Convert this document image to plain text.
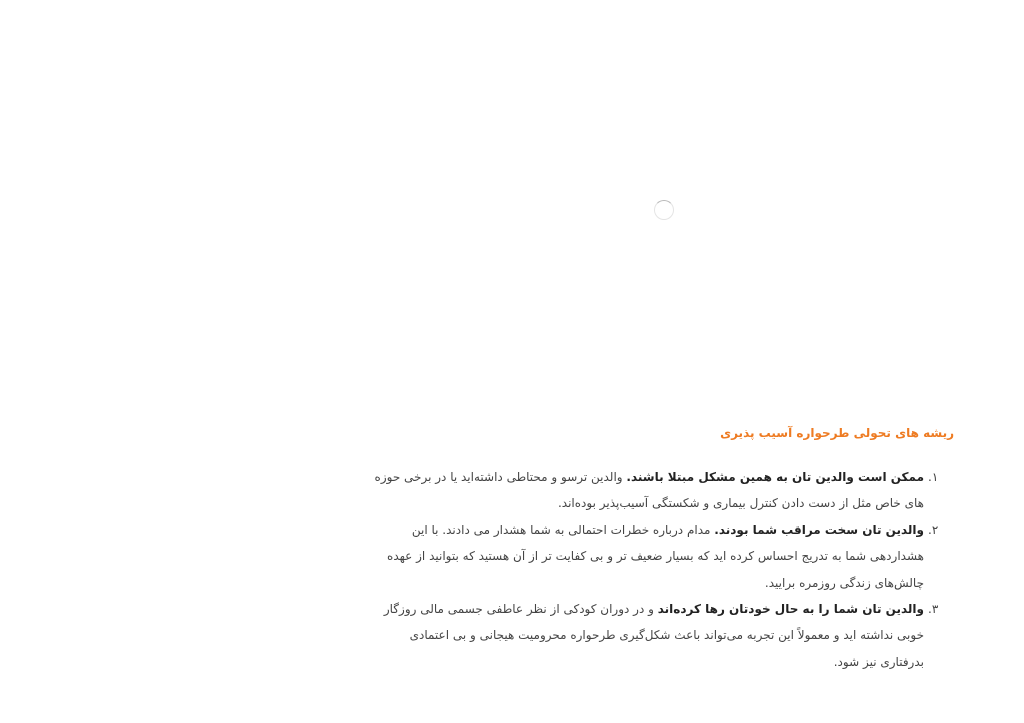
ریشه های تحولی طرحواره آسیب پذیری
۱.
ممکن است والدین تان به همین مشکل مبتلا باشند. والدین ترسو و محتاطی داشته‌اید یا در برخی حوزه های خاص مثل از دست دادن کنترل بیماری و شکستگی آسیب‌پذیر بوده‌اند.
۲.
والدین تان سخت مراقب شما بودند. مدام درباره خطرات احتمالی به شما هشدار می دادند. با این هشداردهی شما به تدریج احساس کرده اید که بسیار ضعیف تر و بی کفایت تر از آن هستید که بتوانید از عهده چالش‌های زندگی روزمره برایید.
۳.
والدین تان شما را به حال خودتان رها کرده‌اند و در دوران کودکی از نظر عاطفی جسمی مالی روزگار خوبی نداشته اید و معمولاً این تجربه می‌تواند باعث شکل‌گیری طرحواره محرومیت هیجانی و بی اعتمادی بدرفتاری نیز شود.
